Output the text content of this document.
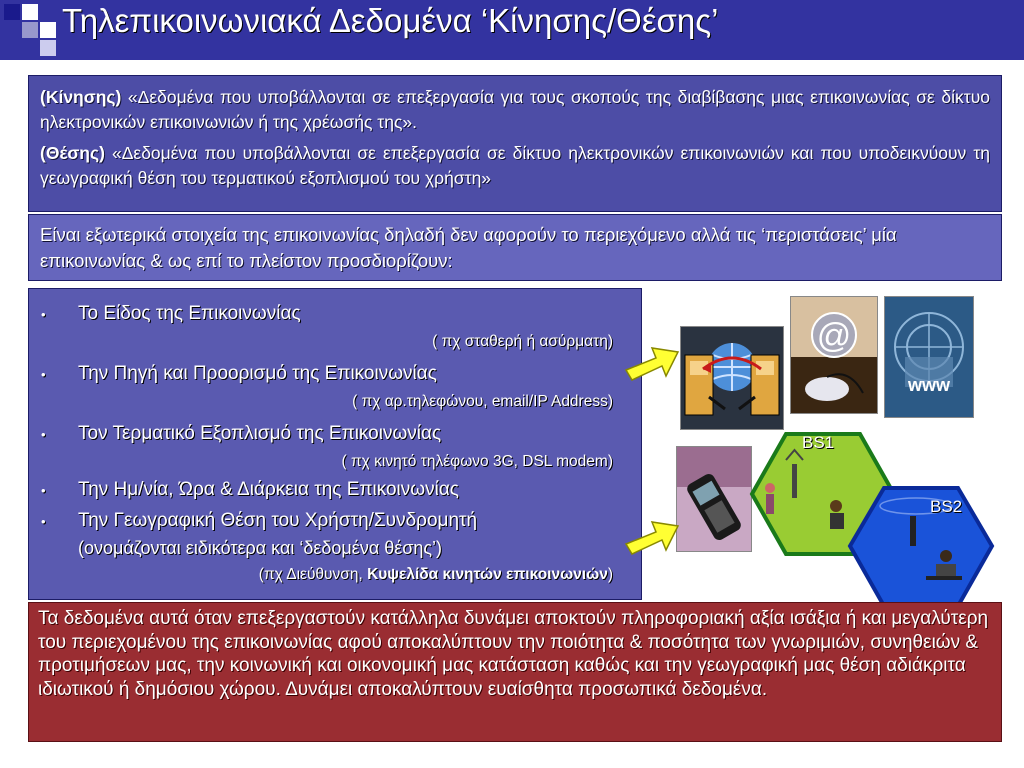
Τηλεπικοινωνιακά Δεδομένα ‘Κίνησης/Θέσης’

(Κίνησης) «Δεδομένα που υποβάλλονται σε επεξεργασία για τους σκοπούς της διαβίβασης μιας επικοινωνίας σε δίκτυο ηλεκτρονικών επικοινωνιών ή της χρέωσής της».

(Θέσης) «Δεδομένα που υποβάλλονται σε επεξεργασία σε δίκτυο ηλεκτρονικών επικοινωνιών και που υποδεικνύουν τη γεωγραφική θέση του τερματικού εξοπλισμού του χρήστη»

Είναι εξωτερικά στοιχεία της επικοινωνίας δηλαδή δεν αφορούν το περιεχόμενο αλλά τις ‘περιστάσεις’ μία επικοινωνίας & ως επί το πλείστον προσδιορίζουν:
• Το Είδος της Επικοινωνίας
( πχ σταθερή ή ασύρματη)
• Την Πηγή και Προορισμό της Επικοινωνίας
( πχ αρ.τηλεφώνου, email/IP Address)
• Τον Τερματικό Εξοπλισμό της Επικοινωνίας
( πχ κινητό τηλέφωνο 3G, DSL modem)
• Την Ημ/νία, Ώρα & Διάρκεια της Επικοινωνίας
• Την Γεωγραφική Θέση του Χρήστη/Συνδρομητή
(ονομάζονται ειδικότερα και ‘δεδομένα θέσης’)
(πχ Διεύθυνση, Κυψελίδα κινητών επικοινωνιών)
@
www
BS1
BS2
Τα δεδομένα αυτά όταν επεξεργαστούν κατάλληλα δυνάμει αποκτούν πληροφοριακή αξία ισάξια ή και μεγαλύτερη του περιεχομένου της επικοινωνίας αφού αποκαλύπτουν την ποιότητα & ποσότητα των γνωριμιών, συνηθειών & προτιμήσεων μας, την κοινωνική και οικονομική μας κατάσταση καθώς και την γεωγραφική μας θέση αδιάκριτα ιδιωτικού ή δημόσιου χώρου. Δυνάμει αποκαλύπτουν ευαίσθητα προσωπικά δεδομένα.
